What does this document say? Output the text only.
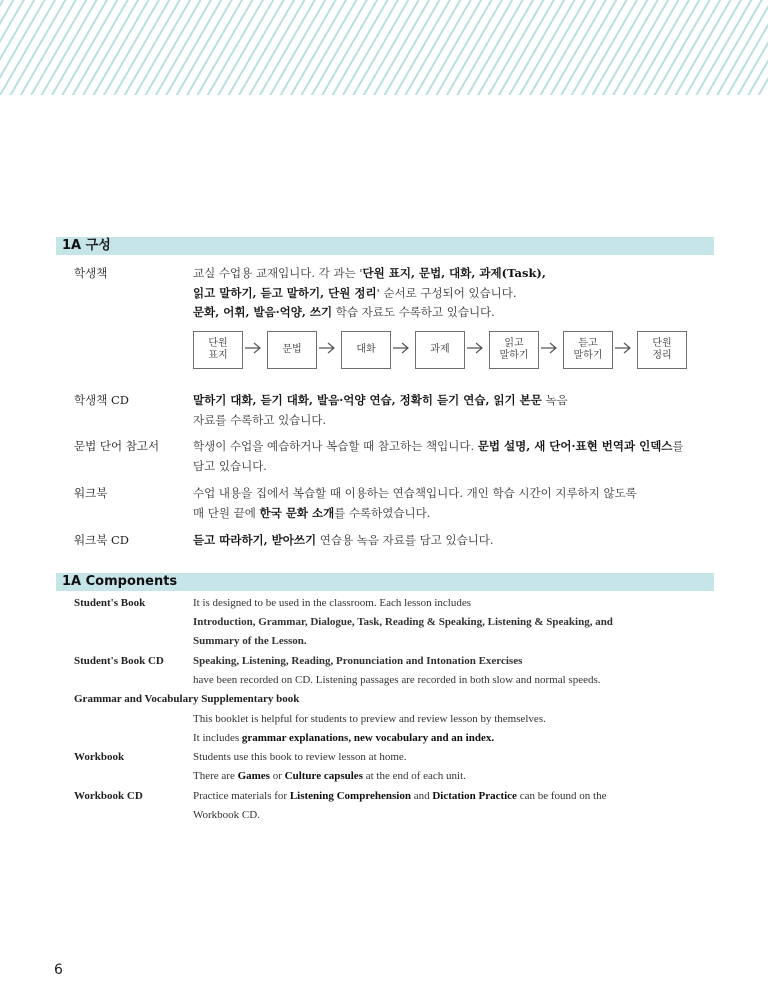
1A 구성
학생책	교실 수업용 교재입니다. 각 과는 '단원 표지, 문법, 대화, 과제(Task),
읽고 말하기, 듣고 말하기, 단원 정리' 순서로 구성되어 있습니다.
문화, 어휘, 발음·억양, 쓰기 학습 자료도 수록하고 있습니다.
단원
표지
문법	대화	과제
읽고
말하기
듣고
말하기
단원
정리
학생책 CD	말하기 대화, 듣기 대화, 발음·억양 연습, 정확히 듣기 연습, 읽기 본문 녹음
자료를 수록하고 있습니다.
문법 단어 참고서	학생이 수업을 예습하거나 복습할 때 참고하는 책입니다. 문법 설명, 새 단어·표현 번역과 인덱스를
담고 있습니다.
워크북	수업 내용을 집에서 복습할 때 이용하는 연습책입니다. 개인 학습 시간이 지루하지 않도록
매 단원 끝에 한국 문화 소개를 수록하였습니다.
워크북 CD	듣고 따라하기, 받아쓰기 연습용 녹음 자료를 담고 있습니다.
1A Components
Student's Book	It is designed to be used in the classroom. Each lesson includes
Introduction, Grammar, Dialogue, Task, Reading & Speaking, Listening & Speaking, and
Summary of the Lesson.
Student's Book CD	Speaking, Listening, Reading, Pronunciation and Intonation Exercises
have been recorded on CD. Listening passages are recorded in both slow and normal speeds.
Grammar and Vocabulary Supplementary book
This booklet is helpful for students to preview and review lesson by themselves.
It includes grammar explanations, new vocabulary and an index.
Workbook	Students use this book to review lesson at home.
There are Games or Culture capsules at the end of each unit.
Workbook CD	Practice materials for Listening Comprehension and Dictation Practice can be found on the
Workbook CD.
6
